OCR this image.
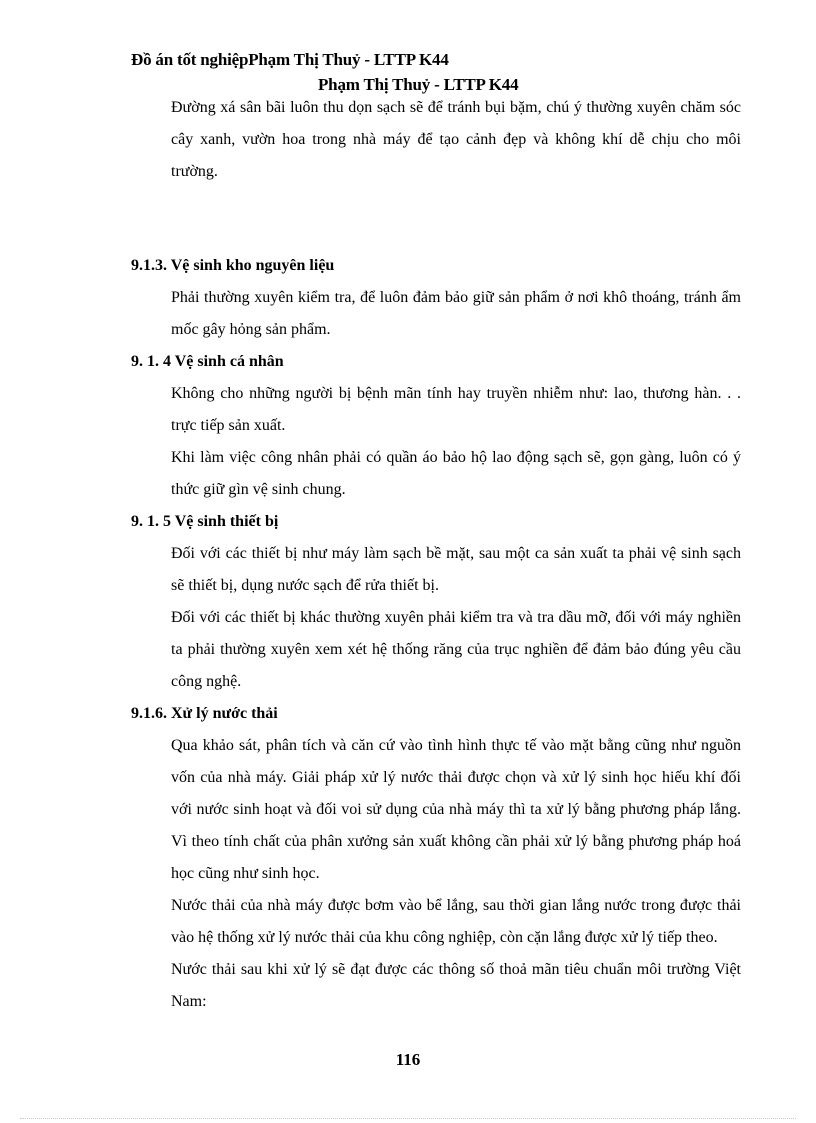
Đồ án tốt nghiệpPhạm Thị Thuỷ - LTTP K44
Phạm Thị Thuỷ - LTTP K44
Đường xá sân bãi luôn thu dọn sạch sẽ để tránh bụi bặm, chú ý thường xuyên chăm sóc cây xanh, vườn hoa trong nhà máy để tạo cảnh đẹp và không khí dễ chịu cho môi trường.
9.1.3. Vệ sinh kho nguyên liệu
Phải thường xuyên kiểm tra, để luôn đảm bảo giữ sản phẩm ở nơi khô thoáng, tránh ẩm mốc gây hỏng sản phẩm.
9. 1. 4 Vệ sinh cá nhân
Không cho những người bị bệnh mãn tính hay truyền nhiễm như: lao, thương hàn. . . trực tiếp sản xuất.
Khi làm việc công nhân phải có quần áo bảo hộ lao động sạch sẽ, gọn gàng, luôn có ý thức giữ gìn vệ sinh chung.
9. 1. 5 Vệ sinh thiết bị
Đối với các thiết bị như máy làm sạch bề mặt, sau một ca sản xuất ta phải vệ sinh sạch sẽ thiết bị, dụng nước sạch để rửa thiết bị.
Đối với các thiết bị khác thường xuyên phải kiểm tra và tra dầu mỡ, đối với máy nghiền ta phải thường xuyên xem xét hệ thống răng của trục nghiền để đảm bảo đúng yêu cầu công nghệ.
9.1.6. Xử lý nước thải
Qua khảo sát, phân tích và căn cứ vào tình hình thực tế vào mặt bằng cũng như nguồn vốn của nhà máy. Giải pháp xử lý nước thải được chọn và xử lý sinh học hiếu khí đối với nước sinh hoạt và đối voi sử dụng của nhà máy thì ta xử lý bằng phương pháp lắng. Vì theo tính chất của phân xưởng sản xuất không cần phải xử lý bằng phương pháp hoá học cũng như sinh học.
Nước thải của nhà máy được bơm vào bể lắng, sau thời gian lắng nước trong được thải vào hệ thống xử lý nước thải của khu công nghiệp, còn cặn lắng được xử lý tiếp theo.
Nước thải sau khi xử lý sẽ đạt được các thông số thoả mãn tiêu chuẩn môi trường Việt Nam:
116
